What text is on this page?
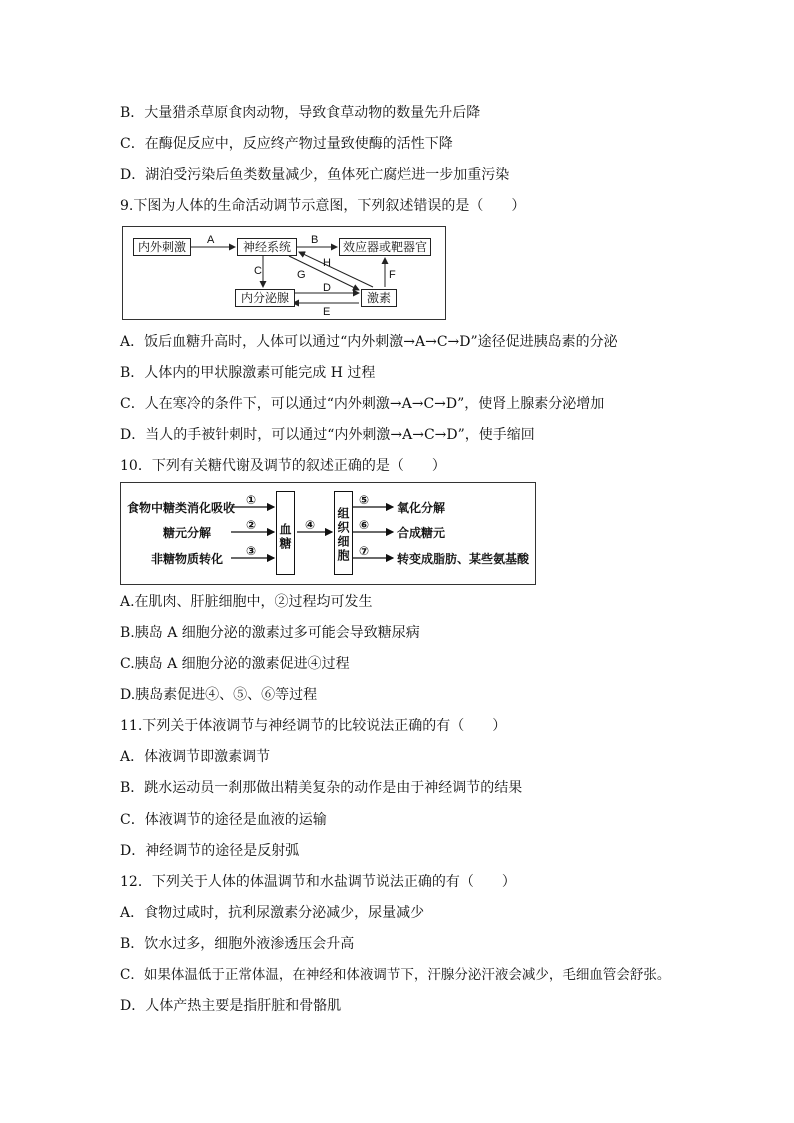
B．大量猎杀草原食肉动物，导致食草动物的数量先升后降
C．在酶促反应中，反应终产物过量致使酶的活性下降
D．湖泊受污染后鱼类数量减少，鱼体死亡腐烂进一步加重污染
9.下图为人体的生命活动调节示意图，下列叙述错误的是（　　）
内外刺激	神经系统	效应器或靶器官
内分泌腺	激素
A	B
C	G
H
F
D
E
A．饭后血糖升高时，人体可以通过“内外刺激→A→C→D”途径促进胰岛素的分泌
B．人体内的甲状腺激素可能完成 H 过程
C．人在寒冷的条件下，可以通过“内外刺激→A→C→D”，使肾上腺素分泌增加
D．当人的手被针刺时，可以通过“内外刺激→A→C→D”，使手缩回
10．下列有关糖代谢及调节的叙述正确的是（　　）
食物中糖类消化吸收
糖元分解
非糖物质转化
①
②
③ 血糖 ④ 组织细胞
⑤
⑥
⑦
氧化分解
合成糖元
转变成脂肪、某些氨基酸
A.在肌肉、肝脏细胞中，②过程均可发生
B.胰岛 A 细胞分泌的激素过多可能会导致糖尿病
C.胰岛 A 细胞分泌的激素促进④过程
D.胰岛素促进④、⑤、⑥等过程
11.下列关于体液调节与神经调节的比较说法正确的有（　　）
A．体液调节即激素调节
B．跳水运动员一刹那做出精美复杂的动作是由于神经调节的结果
C．体液调节的途径是血液的运输
D．神经调节的途径是反射弧
12．下列关于人体的体温调节和水盐调节说法正确的有（　　）
A．食物过咸时，抗利尿激素分泌减少，尿量减少
B．饮水过多，细胞外液渗透压会升高
C．如果体温低于正常体温，在神经和体液调节下，汗腺分泌汗液会减少，毛细血管会舒张。
D．人体产热主要是指肝脏和骨骼肌
